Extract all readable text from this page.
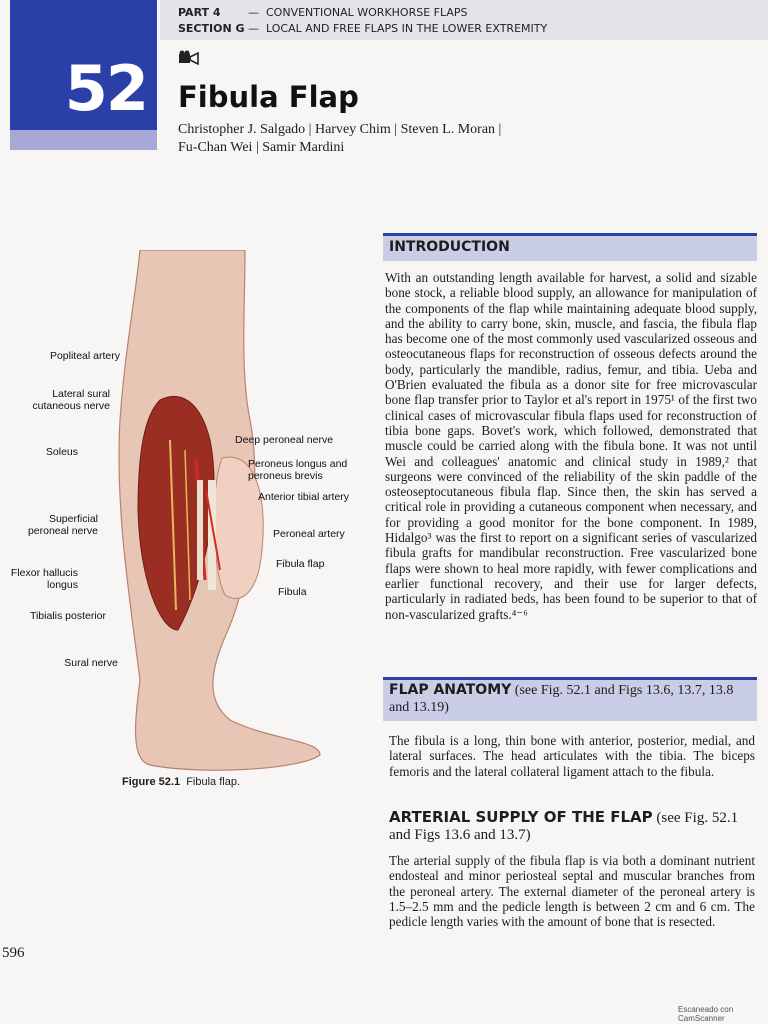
PART 4 — CONVENTIONAL WORKHORSE FLAPS
SECTION G — LOCAL AND FREE FLAPS IN THE LOWER EXTREMITY
52	Fibula Flap
Christopher J. Salgado | Harvey Chim | Steven L. Moran |
Fu-Chan Wei | Samir Mardini
Popliteal artery
Lateral sural cutaneous nerve
Soleus
Superficial peroneal nerve
Flexor hallucis longus
Tibialis posterior
Sural nerve
Deep peroneal nerve
Peroneus longus and peroneus brevis
Anterior tibial artery
Peroneal artery
Fibula flap
Fibula
Figure 52.1 Fibula flap.
INTRODUCTION
With an outstanding length available for harvest, a solid and sizable bone stock, a reliable blood supply, an allowance for manipulation of the components of the flap while maintaining adequate blood supply, and the ability to carry bone, skin, muscle, and fascia, the fibula flap has become one of the most commonly used vascularized osseous and osteocutaneous flaps for reconstruction of osseous defects around the body, particularly the mandible, radius, femur, and tibia. Ueba and O'Brien evaluated the fibula as a donor site for free microvascular bone flap transfer prior to Taylor et al's report in 1975¹ of the first two clinical cases of microvascular fibula flaps used for reconstruction of tibia bone gaps. Bovet's work, which followed, demonstrated that muscle could be carried along with the fibula bone. It was not until Wei and colleagues' anatomic and clinical study in 1989,² that surgeons were convinced of the reliability of the skin paddle of the osteoseptocutaneous fibula flap. Since then, the skin has served a critical role in providing a cutaneous component when necessary, and for providing a good monitor for the bone component. In 1989, Hidalgo³ was the first to report on a significant series of vascularized fibula grafts for mandibular reconstruction. Free vascularized bone flaps were shown to heal more rapidly, with fewer complications and earlier functional recovery, and their use for larger defects, particularly in radiated beds, has been found to be superior to that of non-vascularized grafts.⁴⁻⁶
FLAP ANATOMY (see Fig. 52.1 and Figs 13.6, 13.7, 13.8 and 13.19)
The fibula is a long, thin bone with anterior, posterior, medial, and lateral surfaces. The head articulates with the tibia. The biceps femoris and the lateral collateral ligament attach to the fibula.
ARTERIAL SUPPLY OF THE FLAP (see Fig. 52.1 and Figs 13.6 and 13.7)
The arterial supply of the fibula flap is via both a dominant nutrient endosteal and minor periosteal septal and muscular branches from the peroneal artery. The external diameter of the peroneal artery is 1.5–2.5 mm and the pedicle length is between 2 cm and 6 cm. The pedicle length varies with the amount of bone that is resected.
596
Escaneado con CamScanner
